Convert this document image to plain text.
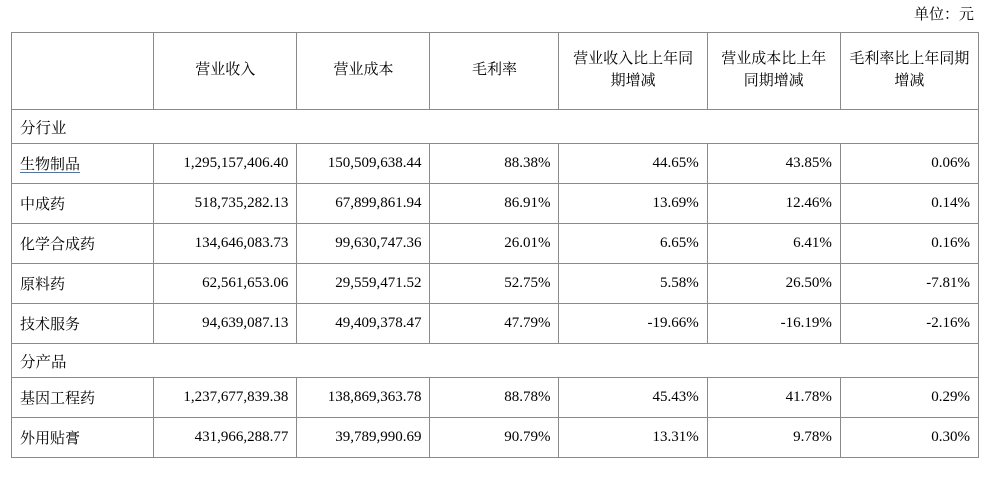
单位：元
	营业收入	营业成本	毛利率	营业收入比上年同期增减	营业成本比上年同期增减	毛利率比上年同期增减
分行业						
生物制品	1,295,157,406.40	150,509,638.44	88.38%	44.65%	43.85%	0.06%
中成药	518,735,282.13	67,899,861.94	86.91%	13.69%	12.46%	0.14%
化学合成药	134,646,083.73	99,630,747.36	26.01%	6.65%	6.41%	0.16%
原料药	62,561,653.06	29,559,471.52	52.75%	5.58%	26.50%	-7.81%
技术服务	94,639,087.13	49,409,378.47	47.79%	-19.66%	-16.19%	-2.16%
分产品						
基因工程药	1,237,677,839.38	138,869,363.78	88.78%	45.43%	41.78%	0.29%
外用贴膏	431,966,288.77	39,789,990.69	90.79%	13.31%	9.78%	0.30%
